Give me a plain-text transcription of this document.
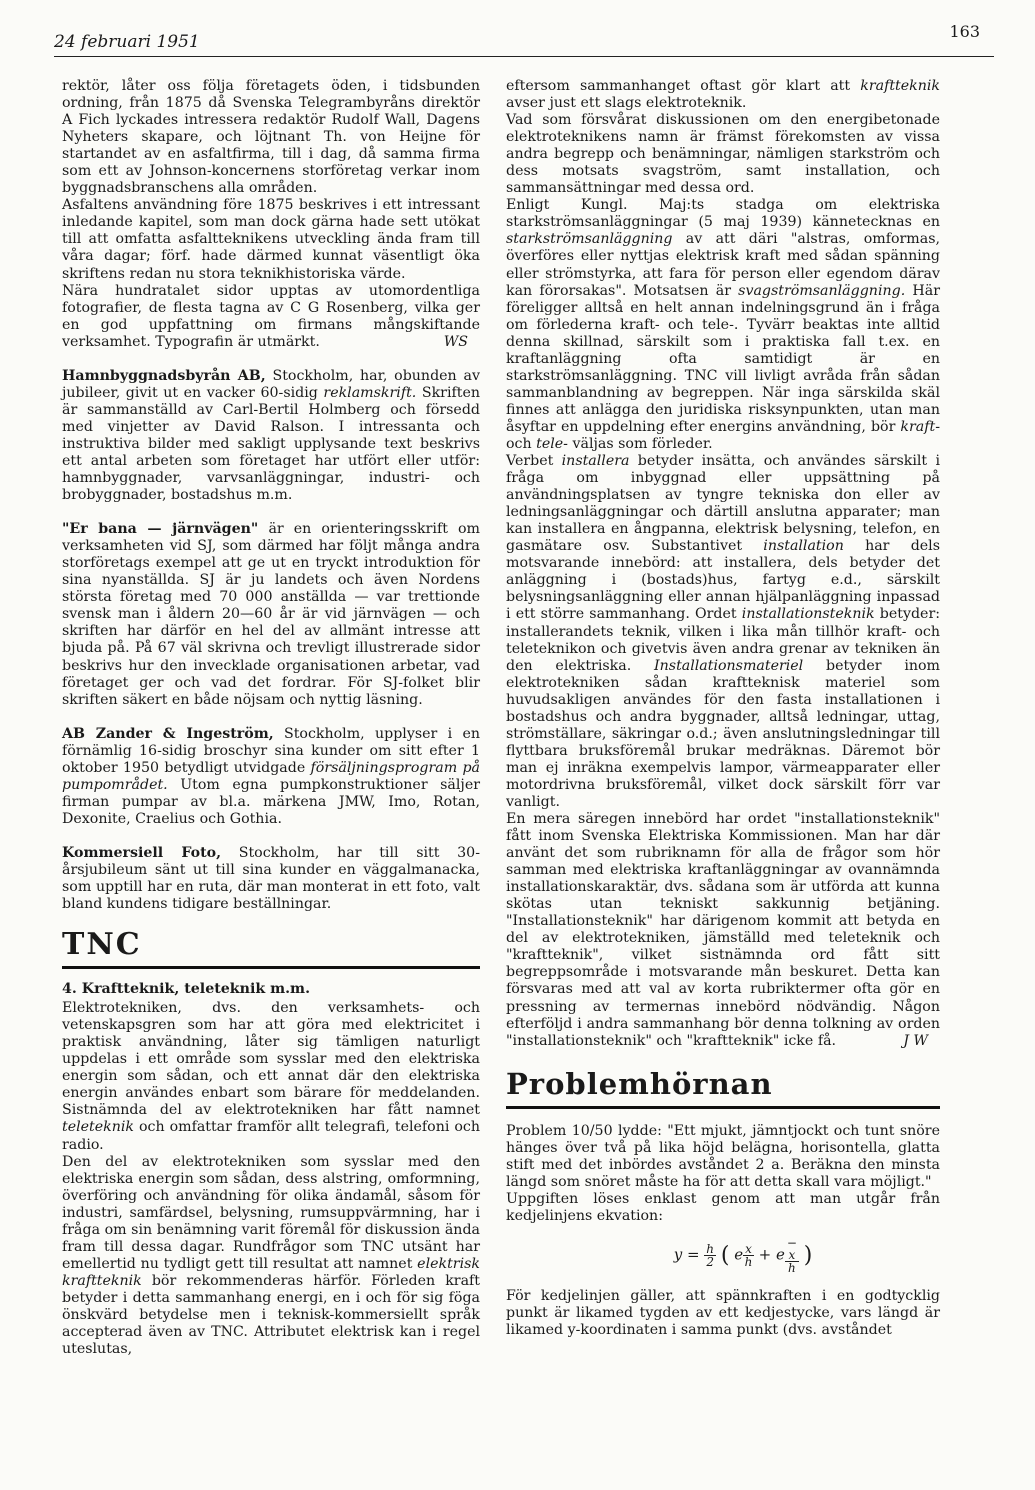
24 februari 1951
163

rektör, låter oss följa företagets öden, i tidsbunden ordning, från 1875 då Svenska Telegrambyråns direktör A Fich lyckades intressera redaktör Rudolf Wall, Dagens Nyheters skapare, och löjtnant Th. von Heijne för startandet av en asfaltfirma, till i dag, då samma firma som ett av Johnson-koncernens storföretag verkar inom byggnadsbranschens alla områden.

Asfaltens användning före 1875 beskrives i ett intressant inledande kapitel, som man dock gärna hade sett utökat till att omfatta asfaltteknikens utveckling ända fram till våra dagar; förf. hade därmed kunnat väsentligt öka skriftens redan nu stora teknikhistoriska värde.

Nära hundratalet sidor upptas av utomordentliga fotografier, de flesta tagna av C G Rosenberg, vilka ger en god uppfattning om firmans mångskiftande verksamhet. Typografin är utmärkt.	WS

Hamnbyggnadsbyrån AB, Stockholm, har, obunden av jubileer, givit ut en vacker 60-sidig reklamskrift. Skriften är sammanställd av Carl-Bertil Holmberg och försedd med vinjetter av David Ralson. I intressanta och instruktiva bilder med sakligt upplysande text beskrivs ett antal arbeten som företaget har utfört eller utför: hamnbyggnader, varvsanläggningar, industri- och brobyggnader, bostadshus m.m.

"Er bana — järnvägen" är en orienteringsskrift om verksamheten vid SJ, som därmed har följt många andra storföretags exempel att ge ut en tryckt introduktion för sina nyanställda. SJ är ju landets och även Nordens största företag med 70 000 anställda — var trettionde svensk man i åldern 20—60 år är vid järnvägen — och skriften har därför en hel del av allmänt intresse att bjuda på. På 67 väl skrivna och trevligt illustrerade sidor beskrivs hur den invecklade organisationen arbetar, vad företaget ger och vad det fordrar. För SJ-folket blir skriften säkert en både nöjsam och nyttig läsning.

AB Zander & Ingeström, Stockholm, upplyser i en förnämlig 16-sidig broschyr sina kunder om sitt efter 1 oktober 1950 betydligt utvidgade försäljningsprogram på pumpområdet. Utom egna pumpkonstruktioner säljer firman pumpar av bl.a. märkena JMW, Imo, Rotan, Dexonite, Craelius och Gothia.

Kommersiell Foto, Stockholm, har till sitt 30-årsjubileum sänt ut till sina kunder en väggalmanacka, som upptill har en ruta, där man monterat in ett foto, valt bland kundens tidigare beställningar.

TNC

4. Kraftteknik, teleteknik m.m.

Elektrotekniken, dvs. den verksamhets- och vetenskapsgren som har att göra med elektricitet i praktisk användning, låter sig tämligen naturligt uppdelas i ett område som sysslar med den elektriska energin som sådan, och ett annat där den elektriska energin användes enbart som bärare för meddelanden. Sistnämnda del av elektrotekniken har fått namnet teleteknik och omfattar framför allt telegrafi, telefoni och radio.

Den del av elektrotekniken som sysslar med den elektriska energin som sådan, dess alstring, omformning, överföring och användning för olika ändamål, såsom för industri, samfärdsel, belysning, rumsuppvärmning, har i fråga om sin benämning varit föremål för diskussion ända fram till dessa dagar. Rundfrågor som TNC utsänt har emellertid nu tydligt gett till resultat att namnet elektrisk kraftteknik bör rekommenderas härför. Förleden kraft betyder i detta sammanhang energi, en i och för sig föga önskvärd betydelse men i teknisk-kommersiellt språk accepterad även av TNC. Attributet elektrisk kan i regel uteslutas,

eftersom sammanhanget oftast gör klart att kraftteknik avser just ett slags elektroteknik.

Vad som försvårat diskussionen om den energibetonade elektroteknikens namn är främst förekomsten av vissa andra begrepp och benämningar, nämligen starkström och dess motsats svagström, samt installation, och sammansättningar med dessa ord.

Enligt Kungl. Maj:ts stadga om elektriska starkströmsanläggningar (5 maj 1939) kännetecknas en starkströmsanläggning av att däri "alstras, omformas, överföres eller nyttjas elektrisk kraft med sådan spänning eller strömstyrka, att fara för person eller egendom därav kan förorsakas". Motsatsen är svagströmsanläggning. Här föreligger alltså en helt annan indelningsgrund än i fråga om förlederna kraft- och tele-. Tyvärr beaktas inte alltid denna skillnad, särskilt som i praktiska fall t.ex. en kraftanläggning ofta samtidigt är en starkströmsanläggning. TNC vill livligt avråda från sådan sammanblandning av begreppen. När inga särskilda skäl finnes att anlägga den juridiska risksynpunkten, utan man åsyftar en uppdelning efter energins användning, bör kraft- och tele- väljas som förleder.

Verbet installera betyder insätta, och användes särskilt i fråga om inbyggnad eller uppsättning på användningsplatsen av tyngre tekniska don eller av ledningsanläggningar och därtill anslutna apparater; man kan installera en ångpanna, elektrisk belysning, telefon, en gasmätare osv. Substantivet installation har dels motsvarande innebörd: att installera, dels betyder det anläggning i (bostads)hus, fartyg e.d., särskilt belysningsanläggning eller annan hjälpanläggning inpassad i ett större sammanhang. Ordet installationsteknik betyder: installerandets teknik, vilken i lika mån tillhör kraft- och teleteknikon och givetvis även andra grenar av tekniken än den elektriska. Installationsmateriel betyder inom elektrotekniken sådan kraftteknisk materiel som huvudsakligen användes för den fasta installationen i bostadshus och andra byggnader, alltså ledningar, uttag, strömställare, säkringar o.d.; även anslutningsledningar till flyttbara bruksföremål brukar medräknas. Däremot bör man ej inräkna exempelvis lampor, värmeapparater eller motordrivna bruksföremål, vilket dock särskilt förr var vanligt.

En mera säregen innebörd har ordet "installationsteknik" fått inom Svenska Elektriska Kommissionen. Man har där använt det som rubriknamn för alla de frågor som hör samman med elektriska kraftanläggningar av ovannämnda installationskaraktär, dvs. sådana som är utförda att kunna skötas utan tekniskt sakkunnig betjäning. "Installationsteknik" har därigenom kommit att betyda en del av elektrotekniken, jämställd med teleteknik och "kraftteknik", vilket sistnämnda ord fått sitt begreppsområde i motsvarande mån beskuret. Detta kan försvaras med att val av korta rubriktermer ofta gör en pressning av termernas innebörd nödvändig. Någon efterföljd i andra sammanhang bör denna tolkning av orden "installationsteknik" och "kraftteknik" icke få.	J W

Problemhörnan

Problem 10/50 lydde: "Ett mjukt, jämntjockt och tunt snöre hänges över två på lika höjd belägna, horisontella, glatta stift med det inbördes avståndet 2 a. Beräkna den minsta längd som snöret måste ha för att detta skall vara möjligt."

Uppgiften löses enklast genom att man utgår från kedjelinjens ekvation:

$y = \frac{h}{2}$ ( e $\frac{x}{h} + e$ −
x
h )

För kedjelinjen gäller, att spännkraften i en godtycklig punkt är likamed tygden av ett kedjestycke, vars längd är likamed y-koordinaten i samma punkt (dvs. avståndet
